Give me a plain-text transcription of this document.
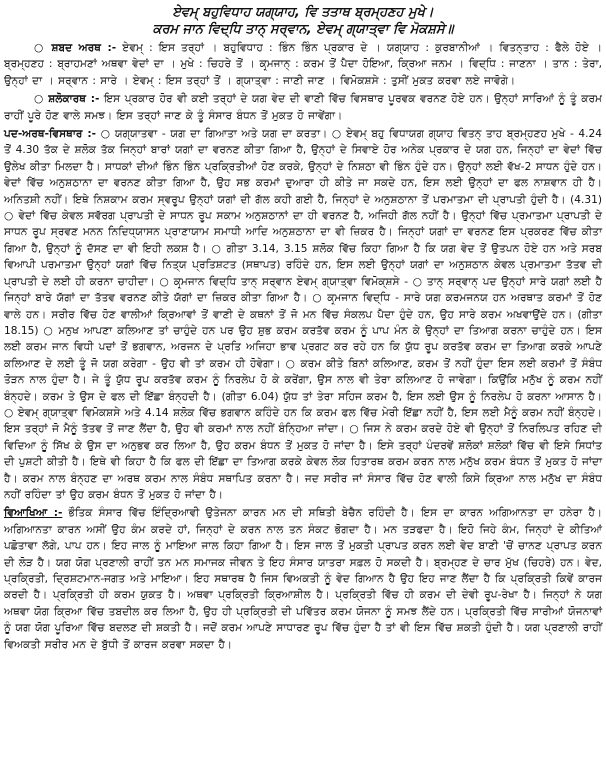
ਏਵਮ੍ ਬਹੁਵਿਧਾਹ ਯਗ੍ਯਾਹ, ਵਿ ਤਤਾਥ ਬ੍ਰਮ੍ਹਣਹ ਮੁਖੇ।

ਕਰਮ ਜਾਨ ਵਿਦ੍ਧਿ ਤਾਨ੍ ਸਰ੍ਵਾਨ, ਏਵਮ੍ ਗ੍ਯਾਤ੍ਵਾ ਵਿ ਮੋਕਸ਼ਸੇ॥

○ ਸ਼ਬਦ ਅਰਥ :- ਏਵਮ੍ : ਇਸ ਤਰ੍ਹਾਂ । ਬਹੁਵਿਧਾਹ : ਭਿੰਨ ਭਿੰਨ ਪ੍ਰਕਾਰ ਦੇ । ਯਗ੍ਯਾਹ : ਕੁਰਬਾਨੀਆਂ । ਵਿਤਨ੍ਤਾਹ : ਫੈਲੇ ਹੋਏ । ਬ੍ਰਮ੍ਹਣਹ : ਬ੍ਰਾਹਮਣਾਂ ਅਥਵਾ ਵੇਦਾਂ ਦਾ । ਮੁਖੇ : ਚਿਹਰੇ ਤੋਂ । ਕਰ੍ਮਜਾਨ੍ : ਕਰਮ ਤੋਂ ਪੈਦਾ ਹੋਇਆ, ਕ੍ਰਿਆ ਜਨਮ । ਵਿਦ੍ਧਿ : ਜਾਣਨਾ । ਤਾਨ : ਤੇਰਾ, ਉਨ੍ਹਾਂ ਦਾ । ਸਰ੍ਵਾਨ : ਸਾਰੇ । ਏਵਮ੍ : ਇਸ ਤਰ੍ਹਾਂ ਤੋਂ । ਗ੍ਯਾਤ੍ਵਾ : ਜਾਣੀ ਜਾਣ । ਵਿਮੋਕਸ਼ਸੇ : ਤੁਸੀਂ ਮੁਕਤ ਕਰਵਾ ਲਏ ਜਾਵੋਗੇ।

○ ਸ਼ਲੋਕਾਰਥ :- ਇਸ ਪ੍ਰਕਾਰ ਹੋਰ ਵੀ ਕਈ ਤਰ੍ਹਾਂ ਦੇ ਯਗ ਵੇਦ ਦੀ ਵਾਣੀ ਵਿੱਚ ਵਿਸਥਾਰ ਪੂਰਵਕ ਵਰਨਣ ਹੋਏ ਹਨ। ਉਨ੍ਹਾਂ ਸਾਰਿਆਂ ਨੂੰ ਤੂੰ ਕਰਮ ਰਾਹੀਂ ਪੂਰੇ ਹੋਣ ਵਾਲੇ ਸਮਝ। ਇਸ ਤਰ੍ਹਾਂ ਜਾਣ ਕੇ ਤੂੰ ਸੰਸਾਰ ਬੰਧਨ ਤੋਂ ਮੁਕਤ ਹੋ ਜਾਵੇਂਗਾ।

ਪਦ-ਅਰਥ-ਵਿਸਥਾਰ :- ○ ਯਗ੍ਯਾਤਵਾ - ਯਗ ਦਾ ਗਿਆਤਾ ਅਤੇ ਯਗ ਦਾ ਕਰਤਾ। ○ ਏਵਮ੍ ਬਹੁ ਵਿਧਾਯਗ ਗ੍ਯਾਹ ਵਿਤਨ੍ ਤਾਹ ਬ੍ਰਮ੍ਹਣਹ ਮੁਖੇ - 4.24 ਤੋਂ 4.30 ਤੱਕ ਦੇ ਸ਼ਲੋਕ ਤੱਕ ਜਿਨ੍ਹਾਂ ਬਾਰਾਂ ਯਗਾਂ ਦਾ ਵਰਨਣ ਕੀਤਾ ਗਿਆ ਹੈ, ਉਨ੍ਹਾਂ ਦੇ ਸਿਵਾਏ ਹੋਰ ਅਨੇਕ ਪ੍ਰਕਾਰ ਦੇ ਯਗ ਹਨ, ਜਿਨ੍ਹਾਂ ਦਾ ਵੇਦਾਂ ਵਿੱਚ ਉਲੇਖ ਕੀਤਾ ਮਿਲਦਾ ਹੈ। ਸਾਧਕਾਂ ਦੀਆਂ ਭਿੰਨ ਭਿੰਨ ਪ੍ਰਕ੍ਰਿਤੀਆਂ ਹੋਣ ਕਰਕੇ, ਉਨ੍ਹਾਂ ਦੇ ਨਿਸ਼ਠਾ ਵੀ ਭਿੰਨ ਹੁੰਦੇ ਹਨ। ਉਨ੍ਹਾਂ ਲਈ ਵੱਖ-2 ਸਾਧਨ ਹੁੰਦੇ ਹਨ। ਵੇਦਾਂ ਵਿੱਚ ਅਨੁਸ਼ਠਾਨਾ ਦਾ ਵਰਨਣ ਕੀਤਾ ਗਿਆ ਹੈ, ਉਹ ਸਭ ਕਰਮਾਂ ਦੁਆਰਾ ਹੀ ਕੀਤੇ ਜਾ ਸਕਦੇ ਹਨ, ਇਸ ਲਈ ਉਨ੍ਹਾਂ ਦਾ ਫਲ ਨਾਸ਼ਵਾਨ ਹੀ ਹੈ। ਅਨਿਤਸ਼ੀ ਨਹੀਂ। ਇਥੇ ਨਿਸ਼ਕਾਮ ਕਰਮ ਸ੍ਵਰੂਪ ਉਨ੍ਹਾਂ ਯਗਾਂ ਦੀ ਗੱਲ ਕਹੀ ਗਈ ਹੈ, ਜਿਨ੍ਹਾਂ ਦੇ ਅਨੁਸ਼ਠਾਨਾ ਤੋਂ ਪਰਮਾਤਮਾ ਦੀ ਪ੍ਰਾਪਤੀ ਹੁੰਦੀ ਹੈ। (4.31) ○ ਵੇਦਾਂ ਵਿੱਚ ਕੇਵਲ ਸਵੱਰਗ ਪ੍ਰਾਪਤੀ ਦੇ ਸਾਧਨ ਰੂਪ ਸਕਾਮ ਅਨੁਸ਼ਠਾਨਾਂ ਦਾ ਹੀ ਵਰਨਣ ਹੈ, ਅਜਿਹੀ ਗੱਲ ਨਹੀਂ ਹੈ। ਉਨ੍ਹਾਂ ਵਿੱਚ ਪ੍ਰਮਾਤਮਾ ਪ੍ਰਾਪਤੀ ਦੇ ਸਾਧਨ ਰੂਪ ਸ੍ਰਵਣ ਮਨਨ ਨਿਦਿਧ੍ਯਾਸਨ ਪ੍ਰਾਣਾਯਾਮ ਸਮਾਧੀ ਆਦਿ ਅਨੁਸ਼ਠਾਨਾ ਦਾ ਵੀ ਜ਼ਿਕਰ ਹੈ। ਜਿਨ੍ਹਾਂ ਯਗਾਂ ਦਾ ਵਰਨਣ ਇਸ ਪ੍ਰਕਰਣ ਵਿੱਚ ਕੀਤਾ ਗਿਆ ਹੈ, ਉਨ੍ਹਾਂ ਨੂੰ ਦੱਸਣ ਦਾ ਵੀ ਇਹੀ ਲਕਸ਼ ਹੈ। ○ ਗੀਤਾ 3.14, 3.15 ਸ਼ਲੋਕ ਵਿੱਚ ਕਿਹਾ ਗਿਆ ਹੈ ਕਿ ਯਗ ਵੇਦ ਤੋਂ ਉਤਪਨ ਹੋਏ ਹਨ ਅਤੇ ਸਰਬ ਵਿਆਪੀ ਪਰਮਾਤਮਾ ਉਨ੍ਹਾਂ ਯਗਾਂ ਵਿੱਚ ਨਿਤ੍ਯ ਪ੍ਰਤਿਸ਼ਟਤ (ਸਥਾਪਤ) ਰਹਿੰਦੇ ਹਨ, ਇਸ ਲਈ ਉਨ੍ਹਾਂ ਯਗਾਂ ਦਾ ਅਨੁਸ਼ਠਾਨ ਕੇਵਲ ਪ੍ਰਮਾਤਮਾ ਤੱਤਵ ਦੀ ਪ੍ਰਾਪਤੀ ਦੇ ਲਈ ਹੀ ਕਰਨਾ ਚਾਹੀਦਾ। ○ ਕਰ੍ਮਜਾਨ ਵਿਦ੍ਧਿ ਤਾਨ੍ ਸਰ੍ਵਾਨ ਏਵਮ੍ ਗ੍ਯਾਤ੍ਵਾ ਵਿਮੋਕ੍ਸ਼ਸੇ - ○ ਤਾਨ੍ ਸਰ੍ਵਾਨ੍ ਪਦ ਉਨ੍ਹਾਂ ਸਾਰੇ ਯਗਾਂ ਲਈ ਹੈ ਜਿਨ੍ਹਾਂ ਬਾਰੇ ਯੱਗਾਂ ਦਾ ਤੱਤਵ ਵਰਨਣ ਕੀਤੇ ਯੱਗਾਂ ਦਾ ਜ਼ਿਕਰ ਕੀਤਾ ਗਿਆ ਹੈ। ○ ਕਰ੍ਮਜਾਨ ਵਿਦ੍ਧਿ - ਸਾਰੇ ਯਗ ਕਰਮਜਨਯ ਹਨ ਅਰਥਾਤ ਕਰਮਾਂ ਤੋਂ ਹੋਣ ਵਾਲੇ ਹਨ। ਸਰੀਰ ਵਿੱਚ ਹੋਣ ਵਾਲੀਆਂ ਕ੍ਰਿਆਵਾਂ ਤੋਂ ਵਾਣੀ ਦੇ ਕਥਨਾਂ ਤੋਂ ਜੋ ਮਨ ਵਿੱਚ ਸੰਕਲਪ ਪੈਦਾ ਹੁੰਦੇ ਹਨ, ਉਹ ਸਾਰੇ ਕਰਮ ਅਖਵਾਉਂਦੇ ਹਨ। (ਗੀਤਾ 18.15) ○ ਮਨੁਖ ਆਪਣਾ ਕਲਿਆਣ ਤਾਂ ਚਾਹੁੰਦੇ ਹਨ ਪਰ ਉਹ ਸ਼ੁਭ ਕਰਮ ਕਰਤੱਵ ਕਰਮ ਨੂੰ ਪਾਪ ਮੰਨ ਕੇ ਉਨ੍ਹਾਂ ਦਾ ਤਿਆਗ ਕਰਨਾ ਚਾਹੁੰਦੇ ਹਨ। ਇਸ ਲਈ ਕਰਮ ਜਾਨ ਵਿਧੀ ਪਦਾਂ ਤੋਂ ਭਗਵਾਨ, ਅਰਜਨ ਦੇ ਪ੍ਰਤਿ ਅਜਿਹਾ ਭਾਵ ਪ੍ਰਗਟ ਕਰ ਰਹੇ ਹਨ ਕਿ ਯੁੱਧ ਰੂਪ ਕਰਤੱਵ ਕਰਮ ਦਾ ਤਿਆਗ ਕਰਕੇ ਆਪਣੇ ਕਲਿਆਣ ਦੇ ਲਈ ਤੂੰ ਜੋ ਯਗ ਕਰੇਗਾ - ਉਹ ਵੀ ਤਾਂ ਕਰਮ ਹੀ ਹੋਵੇਗਾ। ○ ਕਰਮ ਕੀਤੇ ਬਿਨਾਂ ਕਲਿਆਣ, ਕਰਮ ਤੋਂ ਨਹੀਂ ਹੁੰਦਾ ਇਸ ਲਈ ਕਰਮਾਂ ਤੋਂ ਸੰਬੰਧ ਤੋੜਨ ਨਾਲ ਹੁੰਦਾ ਹੈ। ਜੇ ਤੂੰ ਯੁੱਧ ਰੂਪ ਕਰਤੱਵ ਕਰਮ ਨੂੰ ਨਿਰਲੇਪ ਹੋ ਕੇ ਕਰੇਂਗਾ, ਉਸ ਨਾਲ ਵੀ ਤੇਰਾ ਕਲਿਆਣ ਹੋ ਜਾਵੇਗਾ। ਕਿਉਂਕਿ ਮਨੁੱਖ ਨੂੰ ਕਰਮ ਨਹੀਂ ਬੰਨ੍ਹਦੇ। ਕਰਮ ਤੇ ਉਸ ਦੇ ਫਲ ਦੀ ਇੱਛਾ ਬੰਨ੍ਹਦੀ ਹੈ। (ਗੀਤਾ 6.04) ਯੁੱਧ ਤਾਂ ਤੇਰਾ ਸਹਿਜ ਕਰਮ ਹੈ, ਇਸ ਲਈ ਉਸ ਨੂੰ ਨਿਰਲੇਪ ਹੋ ਕਰਨਾ ਆਸਾਨ ਹੈ। ○ ਏਵਮ੍ ਗ੍ਯਾਤ੍ਵਾ ਵਿਮੋਕਸ਼ਸੇ ਅਤੇ 4.14 ਸ਼ਲੋਕ ਵਿੱਚ ਭਗਵਾਨ ਕਹਿੰਦੇ ਹਨ ਕਿ ਕਰਮ ਫਲ ਵਿੱਚ ਮੇਰੀ ਇੱਛਾ ਨਹੀਂ ਹੈ, ਇਸ ਲਈ ਮੈਨੂੰ ਕਰਮ ਨਹੀਂ ਬੰਨ੍ਹਦੇ। ਇਸ ਤਰ੍ਹਾਂ ਜੋ ਮੈਨੂੰ ਤੱਤਵ ਤੋਂ ਜਾਣ ਲੈਂਦਾ ਹੈ, ਉਹ ਵੀ ਕਰਮਾਂ ਨਾਲ ਨਹੀਂ ਬੰਨ੍ਹਿਆ ਜਾਂਦਾ। ○ ਜਿਸ ਨੇ ਕਰਮ ਕਰਦੇ ਹੋਏ ਵੀ ਉਨ੍ਹਾਂ ਤੋਂ ਨਿਰਲਿਪਤ ਰਹਿਣ ਦੀ ਵਿਦਿਆ ਨੂੰ ਸਿੱਖ ਕੇ ਉਸ ਦਾ ਅਨੁਭਵ ਕਰ ਲਿਆ ਹੈ, ਉਹ ਕਰਮ ਬੰਧਨ ਤੋਂ ਮੁਕਤ ਹੋ ਜਾਂਦਾ ਹੈ। ਇਸੇ ਤਰ੍ਹਾਂ ਪੰਦਰਵੇਂ ਸ਼ਲੋਕਾਂ ਸ਼ਲੋਕਾਂ ਵਿੱਚ ਵੀ ਇਸੇ ਸਿਧਾਂਤ ਦੀ ਪੁਸ਼ਟੀ ਕੀਤੀ ਹੈ। ਇਥੇ ਵੀ ਕਿਹਾ ਹੈ ਕਿ ਫਲ ਦੀ ਇੱਛਾ ਦਾ ਤਿਆਗ ਕਰਕੇ ਕੇਵਲ ਲੋਕ ਹਿਤਾਰਥ ਕਰਮ ਕਰਨ ਨਾਲ ਮਨੁੱਖ ਕਰਮ ਬੰਧਨ ਤੋਂ ਮੁਕਤ ਹੋ ਜਾਂਦਾ ਹੈ। ਕਰਮ ਨਾਲ ਬੰਨ੍ਹਣ ਦਾ ਅਰਥ ਕਰਮ ਨਾਲ ਸੰਬੰਧ ਸਥਾਪਿਤ ਕਰਨਾ ਹੈ। ਜਦ ਸਰੀਰ ਜਾਂ ਸੰਸਾਰ ਵਿੱਚ ਹੋਣ ਵਾਲੀ ਕਿਸੇ ਕ੍ਰਿਆ ਨਾਲ ਮਨੁੱਖ ਦਾ ਸੰਬੰਧ ਨਹੀਂ ਰਹਿੰਦਾ ਤਾਂ ਉਹ ਕਰਮ ਬੰਧਨ ਤੋਂ ਮੁਕਤ ਹੋ ਜਾਂਦਾ ਹੈ।

ਵਿਆਖਿਆ :- ਭੌਤਿਕ ਸੰਸਾਰ ਵਿੱਚ ਇੰਦ੍ਰਿਆਵੀ ਉਤੇਜਨਾ ਕਾਰਨ ਮਨ ਦੀ ਸਥਿਤੀ ਬੇਚੈਨ ਰਹਿੰਦੀ ਹੈ। ਇਸ ਦਾ ਕਾਰਨ ਅਗਿਆਨਤਾ ਦਾ ਹਨੇਰਾ ਹੈ। ਅਗਿਆਨਤਾ ਕਾਰਨ ਅਸੀਂ ਉਹ ਕੰਮ ਕਰਦੇ ਹਾਂ, ਜਿਨ੍ਹਾਂ ਦੇ ਕਰਨ ਨਾਲ ਤਨ ਸੰਕਟ ਭੋਗਦਾ ਹੈ। ਮਨ ਤੜਫਦਾ ਹੈ। ਇਹੋ ਜਿਹੇ ਕੰਮ, ਜਿਨ੍ਹਾਂ ਦੇ ਕੀਤਿਆਂ ਪਛੋਤਾਵਾ ਲੱਗੇ, ਪਾਪ ਹਨ। ਇਹ ਜਾਲ ਨੂੰ ਮਾਇਆ ਜਾਲ ਕਿਹਾ ਗਿਆ ਹੈ। ਇਸ ਜਾਲ ਤੋਂ ਮੁਕਤੀ ਪ੍ਰਾਪਤ ਕਰਨ ਲਈ ਵੇਦ ਬਾਣੀ 'ਚੋਂ ਚਾਨਣ ਪ੍ਰਾਪਤ ਕਰਨ ਦੀ ਲੋੜ ਹੈ। ਯਗ ਯੋਗ ਪ੍ਰਣਾਲੀ ਰਾਹੀਂ ਤਨ ਮਨ ਸਮਾਜਕ ਜੀਵਨ ਤੇ ਇਹ ਸੰਸਾਰ ਯਾਤਰਾ ਸਫ਼ਲ ਹੋ ਸਕਦੀ ਹੈ। ਬ੍ਰਮ੍ਹਣ ਦੇ ਚਾਰ ਮੁੱਖ (ਚਿਹਰੇ) ਹਨ। ਵੇਦ, ਪ੍ਰਕ੍ਰਿਤੀ, ਦ੍ਰਿਸ਼ਟਮਾਨ-ਜਗਤ ਅਤੇ ਮਾਇਆ। ਇਹ ਸਥਾਰਥ ਹੈ ਜਿਸ ਵਿਅਕਤੀ ਨੂੰ ਵੇਦ ਗਿਆਨ ਹੈ ਉਹ ਇਹ ਜਾਣ ਲੈਂਦਾ ਹੈ ਕਿ ਪ੍ਰਕ੍ਰਿਤੀ ਕਿਵੇਂ ਕਾਰਜ ਕਰਦੀ ਹੈ। ਪ੍ਰਕ੍ਰਿਤੀ ਹੀ ਕਰਮ ਯੁਕਤ ਹੈ। ਅਥਵਾ ਪ੍ਰਕ੍ਰਿਤੀ ਕ੍ਰਿਆਸ਼ੀਲ ਹੈ। ਪ੍ਰਕ੍ਰਿਤੀ ਵਿੱਚ ਹੀ ਕਰਮ ਦੀ ਦੇਵੀ ਰੂਪ-ਰੇਖਾ ਹੈ। ਜਿਨ੍ਹਾਂ ਨੇ ਯਗ ਅਥਵਾ ਯੋਗ ਕ੍ਰਿਆ ਵਿੱਚ ਤਬਦੀਲ ਕਰ ਲਿਆ ਹੈ, ਉਹ ਹੀ ਪ੍ਰਕ੍ਰਿਤੀ ਦੀ ਪਵਿੱਤਰ ਕਰਮ ਯੋਜਨਾ ਨੂੰ ਸਮਝ ਲੈਂਦੇ ਹਨ। ਪ੍ਰਕ੍ਰਿਤੀ ਵਿੱਚ ਸਾਰੀਆਂ ਯੋਜਨਾਵਾਂ ਨੂੰ ਯਗ ਯੋਗ ਪੂਰਿਆ ਵਿੱਚ ਬਦਲਣ ਦੀ ਸ਼ਕਤੀ ਹੈ। ਜਦੋਂ ਕਰਮ ਆਪਣੇ ਸਾਧਾਰਣ ਰੂਪ ਵਿੱਚ ਹੁੰਦਾ ਹੈ ਤਾਂ ਵੀ ਇਸ ਵਿੱਚ ਸ਼ਕਤੀ ਹੁੰਦੀ ਹੈ। ਯਗ ਪ੍ਰਣਾਲੀ ਰਾਹੀਂ ਵਿਅਕਤੀ ਸਰੀਰ ਮਨ ਦੇ ਬੁੱਧੀ ਤੋਂ ਕਾਰਜ ਕਰਵਾ ਸਕਦਾ ਹੈ।
